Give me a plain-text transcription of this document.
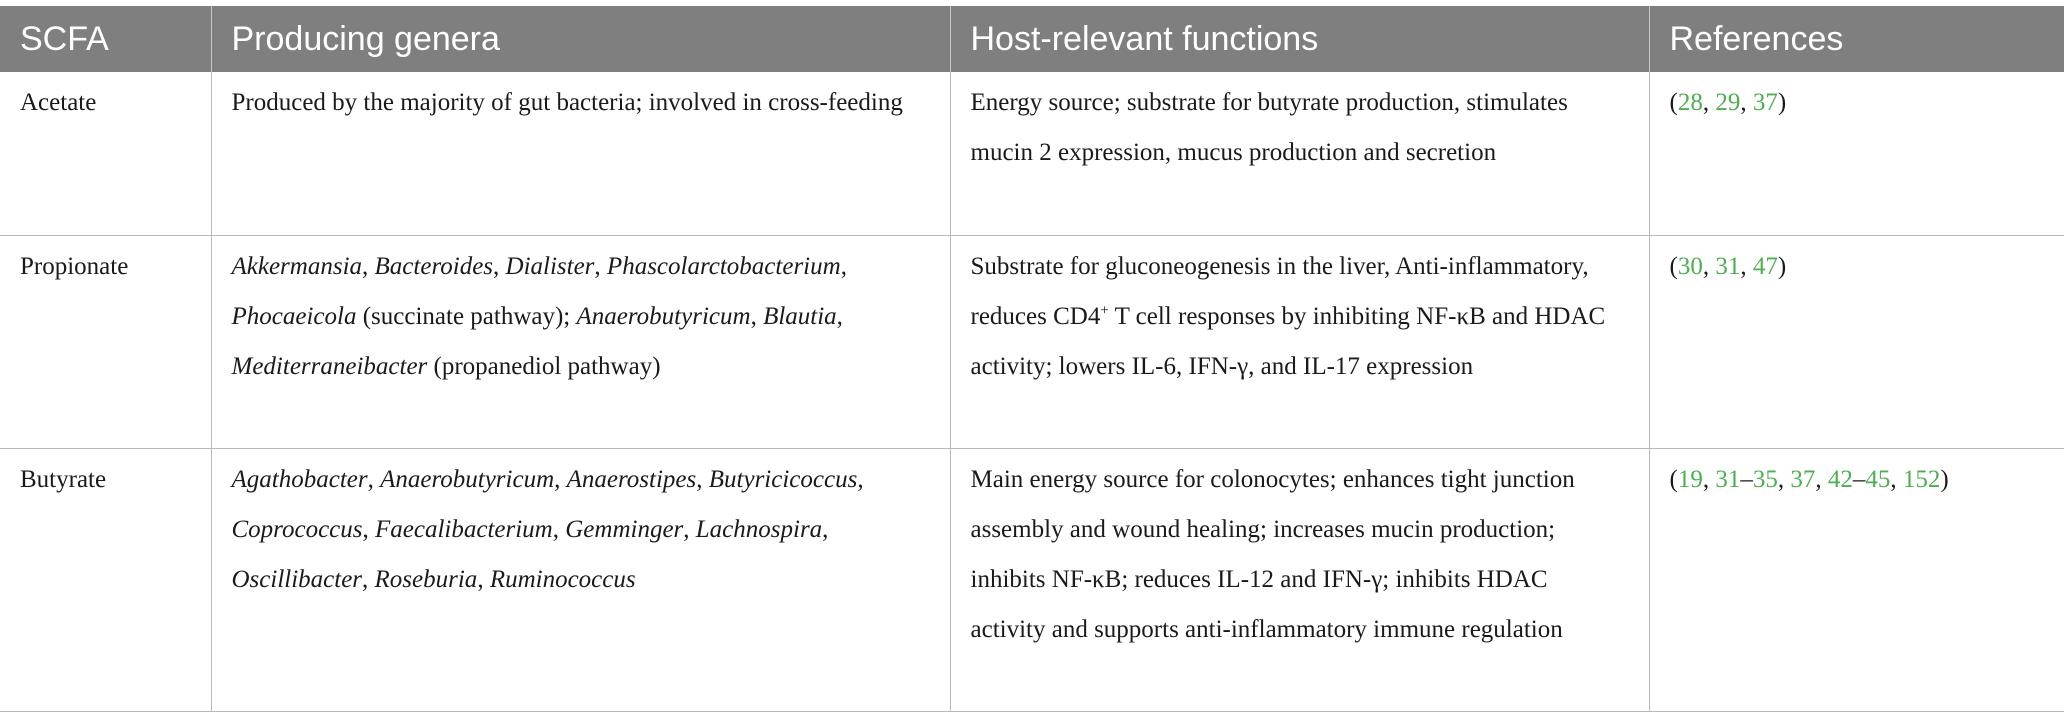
SCFA	Producing genera	Host-relevant functions	References
Acetate	Produced by the majority of gut bacteria; involved in cross-feeding	Energy source; substrate for butyrate production, stimulates mucin 2 expression, mucus production and secretion	(28, 29, 37)
Propionate	Akkermansia, Bacteroides, Dialister, Phascolarctobacterium, Phocaeicola (succinate pathway); Anaerobutyricum, Blautia, Mediterraneibacter (propanediol pathway)	Substrate for gluconeogenesis in the liver, Anti-inflammatory, reduces CD4+ T cell responses by inhibiting NF-κB and HDAC activity; lowers IL-6, IFN-γ, and IL-17 expression	(30, 31, 47)
Butyrate	Agathobacter, Anaerobutyricum, Anaerostipes, Butyricicoccus, Coprococcus, Faecalibacterium, Gemminger, Lachnospira, Oscillibacter, Roseburia, Ruminococcus	Main energy source for colonocytes; enhances tight junction assembly and wound healing; increases mucin production; inhibits NF-κB; reduces IL-12 and IFN-γ; inhibits HDAC activity and supports anti-inflammatory immune regulation	(19, 31–35, 37, 42–45, 152)
